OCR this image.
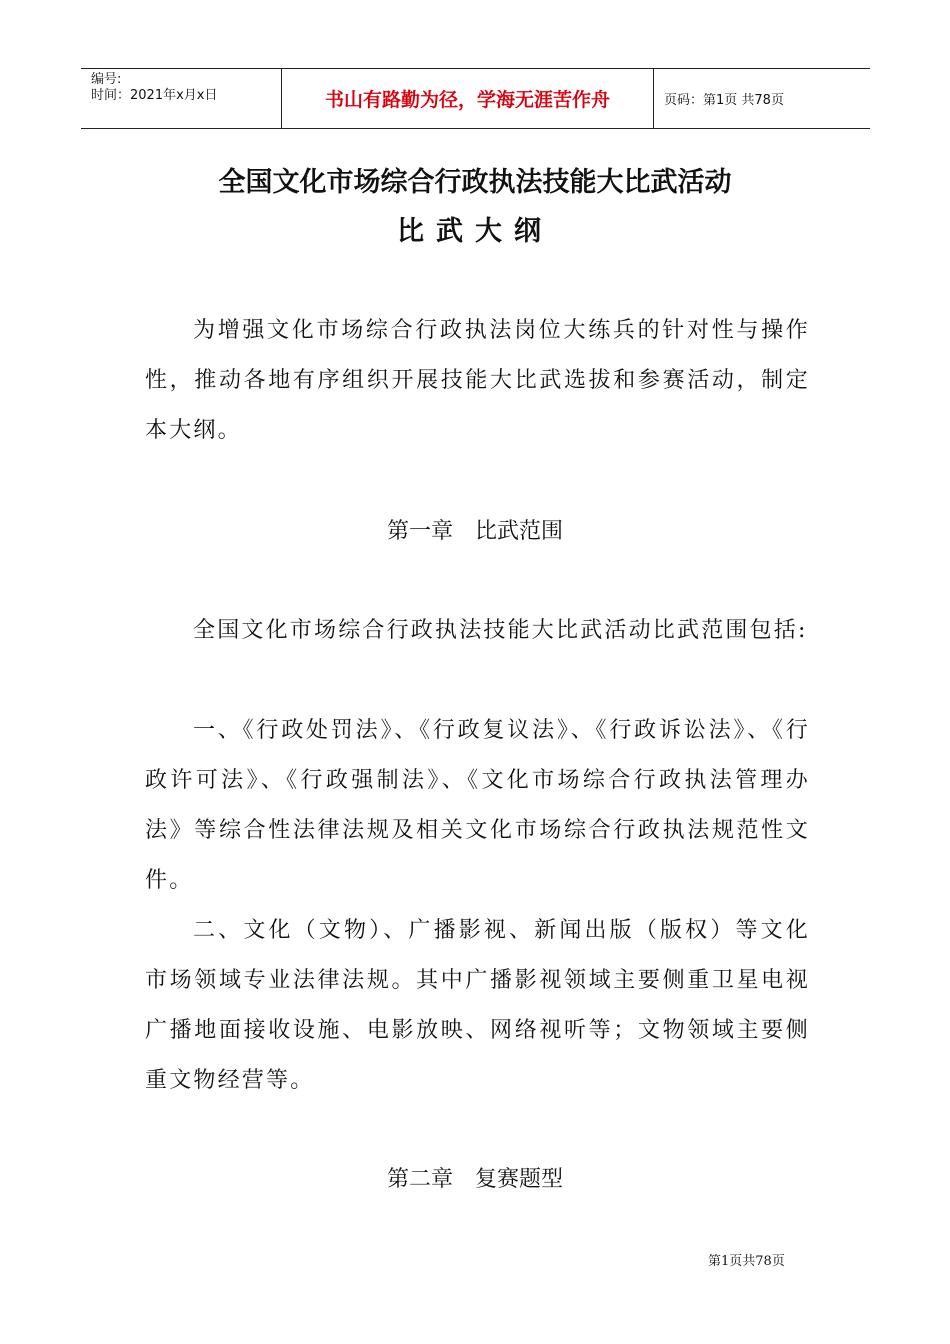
编号:
时间：2021年x月x日	书山有路勤为径，学海无涯苦作舟	页码：第1页 共78页
全国文化市场综合行政执法技能大比武活动
比武大纲

为增强文化市场综合行政执法岗位大练兵的针对性与操作性，推动各地有序组织开展技能大比武选拔和参赛活动，制定本大纲。

第一章　比武范围

全国文化市场综合行政执法技能大比武活动比武范围包括:

一、《行政处罚法》、《行政复议法》、《行政诉讼法》、《行政许可法》、《行政强制法》、《文化市场综合行政执法管理办法》等综合性法律法规及相关文化市场综合行政执法规范性文件。

二、文化（文物）、广播影视、新闻出版（版权）等文化市场领域专业法律法规。其中广播影视领域主要侧重卫星电视广播地面接收设施、电影放映、网络视听等；文物领域主要侧重文物经营等。

第二章　复赛题型
第1页共78页
